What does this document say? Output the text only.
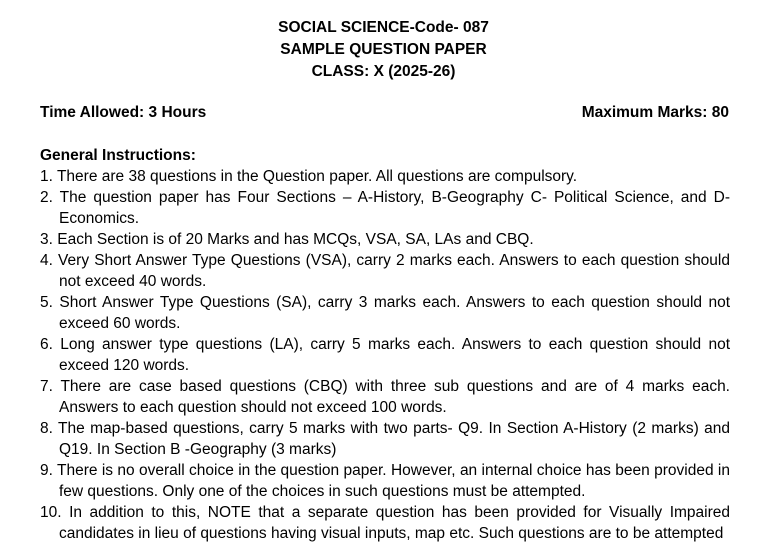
SOCIAL SCIENCE-Code- 087
SAMPLE QUESTION PAPER
CLASS: X (2025-26)
Time Allowed: 3 Hours	Maximum Marks: 80
General Instructions:
1. There are 38 questions in the Question paper. All questions are compulsory.
2. The question paper has Four Sections – A-History, B-Geography C- Political Science, and D-Economics.
3. Each Section is of 20 Marks and has MCQs, VSA, SA, LAs and CBQ.
4. Very Short Answer Type Questions (VSA), carry 2 marks each. Answers to each question should not exceed 40 words.
5. Short Answer Type Questions (SA), carry 3 marks each. Answers to each question should not exceed 60 words.
6. Long answer type questions (LA), carry 5 marks each. Answers to each question should not exceed 120 words.
7. There are case based questions (CBQ) with three sub questions and are of 4 marks each. Answers to each question should not exceed 100 words.
8. The map-based questions, carry 5 marks with two parts- Q9. In Section A-History (2 marks) and Q19. In Section B -Geography (3 marks)
9. There is no overall choice in the question paper. However, an internal choice has been provided in few questions. Only one of the choices in such questions must be attempted.
10. In addition to this, NOTE that a separate question has been provided for Visually Impaired candidates in lieu of questions having visual inputs, map etc. Such questions are to be attempted
